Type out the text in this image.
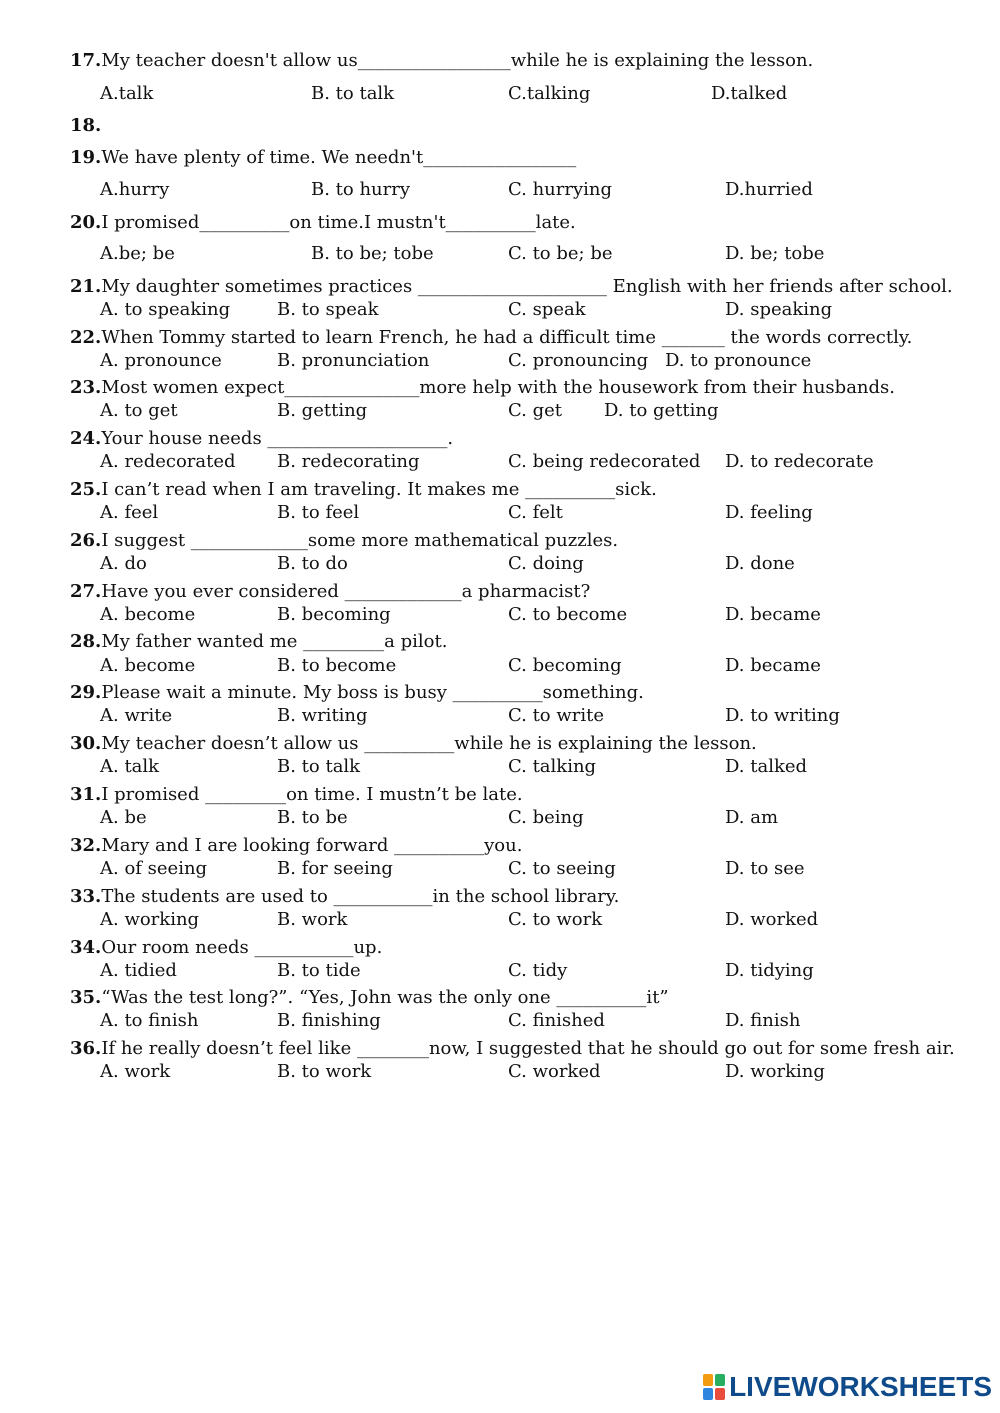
17.My teacher doesn't allow us_________________while he is explaining the lesson.
A.talk	B. to talk	C.talking	D.talked
18.
19.We have plenty of time. We needn't_________________
A.hurry	B. to hurry	C. hurrying	D.hurried
20.I promised__________on time.I mustn't__________late.
A.be; be	B. to be; tobe	C. to be; be	D. be; tobe
21.My daughter sometimes practices _____________________ English with her friends after school.
A. to speaking	B. to speak	C. speak	D. speaking
22.When Tommy started to learn French, he had a difficult time _______ the words correctly.
A. pronounce	B. pronunciation	C. pronouncing D. to pronounce
23.Most women expect_______________more help with the housework from their husbands.
A. to get	B. getting	C. get D. to getting
24.Your house needs ____________________.
A. redecorated B. redecorating	C. being redecorated D. to redecorate
25.I can’t read when I am traveling. It makes me __________sick.
A. feel	B. to feel	C. felt	D. feeling
26.I suggest _____________some more mathematical puzzles.
A. do	B. to do	C. doing	D. done
27.Have you ever considered _____________a pharmacist?
A. become	B. becoming	C. to become	D. became
28.My father wanted me _________a pilot.
A. become	B. to become	C. becoming	D. became
29.Please wait a minute. My boss is busy __________something.
A. write	B. writing	C. to write	D. to writing
30.My teacher doesn’t allow us __________while he is explaining the lesson.
A. talk	B. to talk	C. talking	D. talked
31.I promised _________on time. I mustn’t be late.
A. be	B. to be	C. being	D. am
32.Mary and I are looking forward __________you.
A. of seeing	B. for seeing	C. to seeing	D. to see
33.The students are used to ___________in the school library.
A. working	B. work	C. to work	D. worked
34.Our room needs ___________up.
A. tidied	B. to tide	C. tidy	D. tidying
35.“Was the test long?”. “Yes, John was the only one __________it”
A. to finish	B. finishing	C. finished	D. finish
36.If he really doesn’t feel like ________now, I suggested that he should go out for some fresh air.
A. work	B. to work	C. worked	D. working
LIVEWORKSHEETS
